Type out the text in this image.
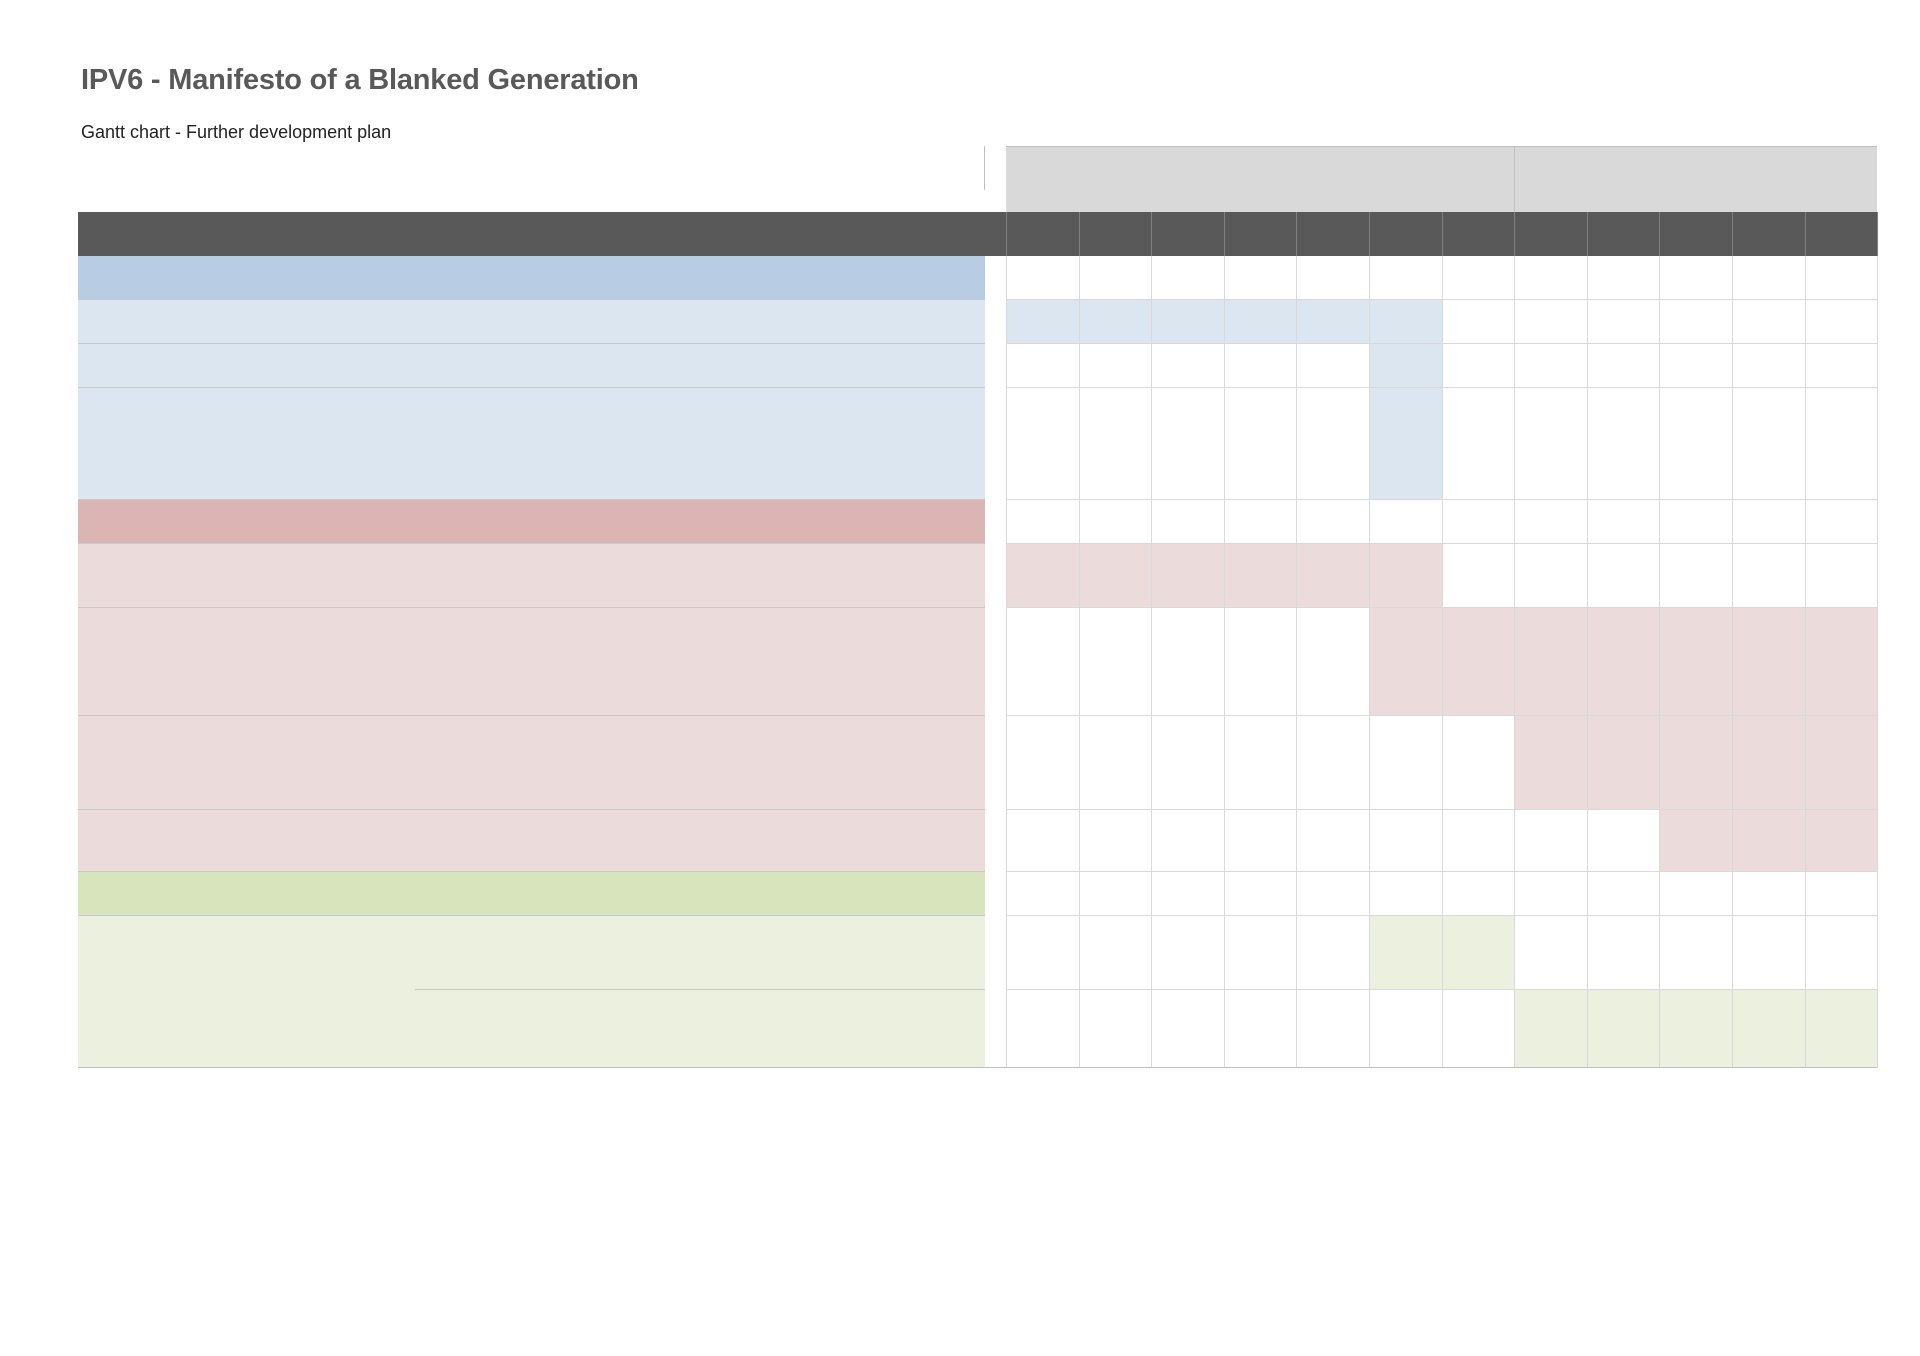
IPV6 - Manifesto of a Blanked Generation

Gantt chart - Further development plan
